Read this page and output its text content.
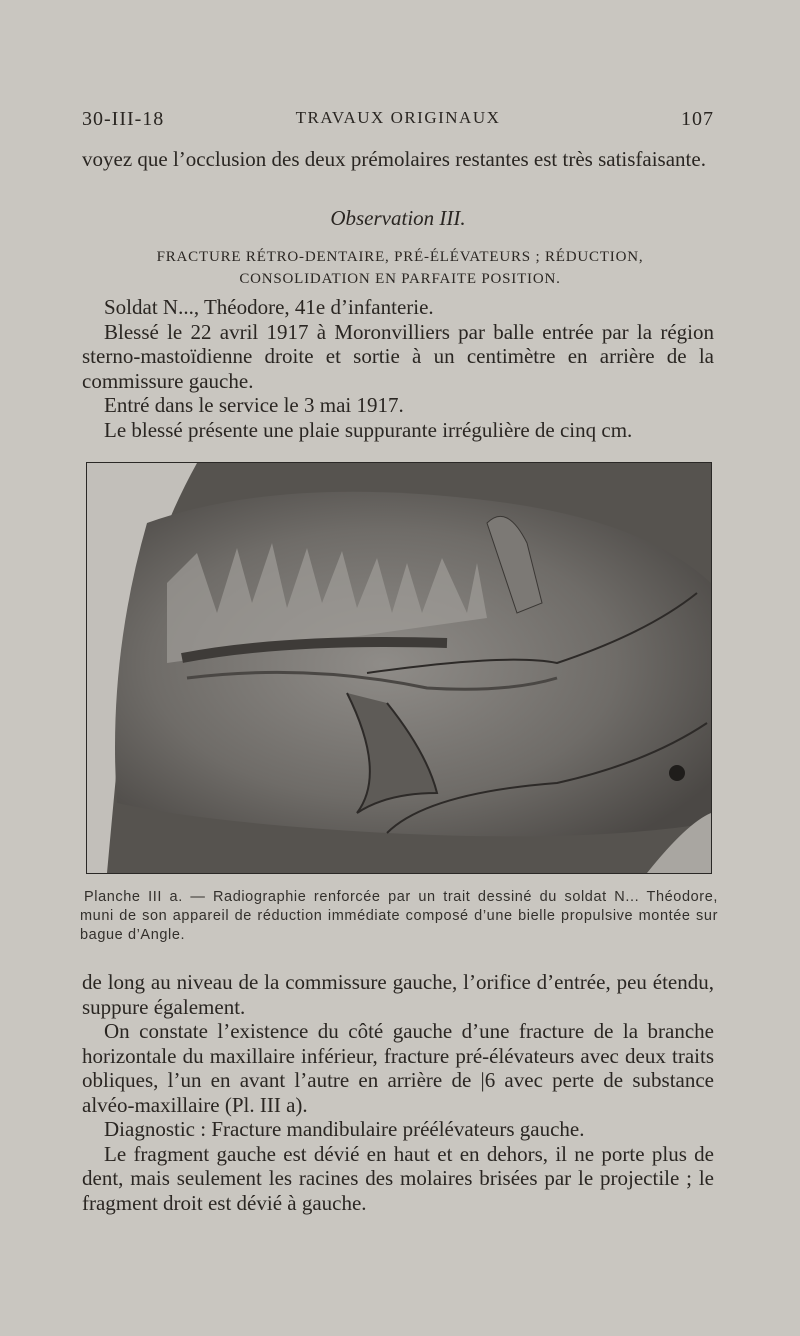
30-III-18	TRAVAUX ORIGINAUX	107
voyez que l’occlusion des deux prémolaires restantes est très satisfaisante.
Observation III.
FRACTURE RÉTRO-DENTAIRE, PRÉ-ÉLÉVATEURS ; RÉDUCTION,
CONSOLIDATION EN PARFAITE POSITION.
Soldat N..., Théodore, 41e d’infanterie.
Blessé le 22 avril 1917 à Moronvilliers par balle entrée par la région sterno-mastoïdienne droite et sortie à un centimètre en arrière de la commissure gauche.
Entré dans le service le 3 mai 1917.
Le blessé présente une plaie suppurante irrégulière de cinq cm.
Planche III a. — Radiographie renforcée par un trait dessiné du soldat N... Théodore, muni de son appareil de réduction immédiate composé d’une bielle propulsive montée sur bague d’Angle.
de long au niveau de la commissure gauche, l’orifice d’entrée, peu étendu, suppure également.
On constate l’existence du côté gauche d’une fracture de la branche horizontale du maxillaire inférieur, fracture pré-élévateurs avec deux traits obliques, l’un en avant l’autre en arrière de |6 avec perte de substance alvéo-maxillaire (Pl. III a).
Diagnostic : Fracture mandibulaire préélévateurs gauche.
Le fragment gauche est dévié en haut et en dehors, il ne porte plus de dent, mais seulement les racines des molaires brisées par le projectile ; le fragment droit est dévié à gauche.
